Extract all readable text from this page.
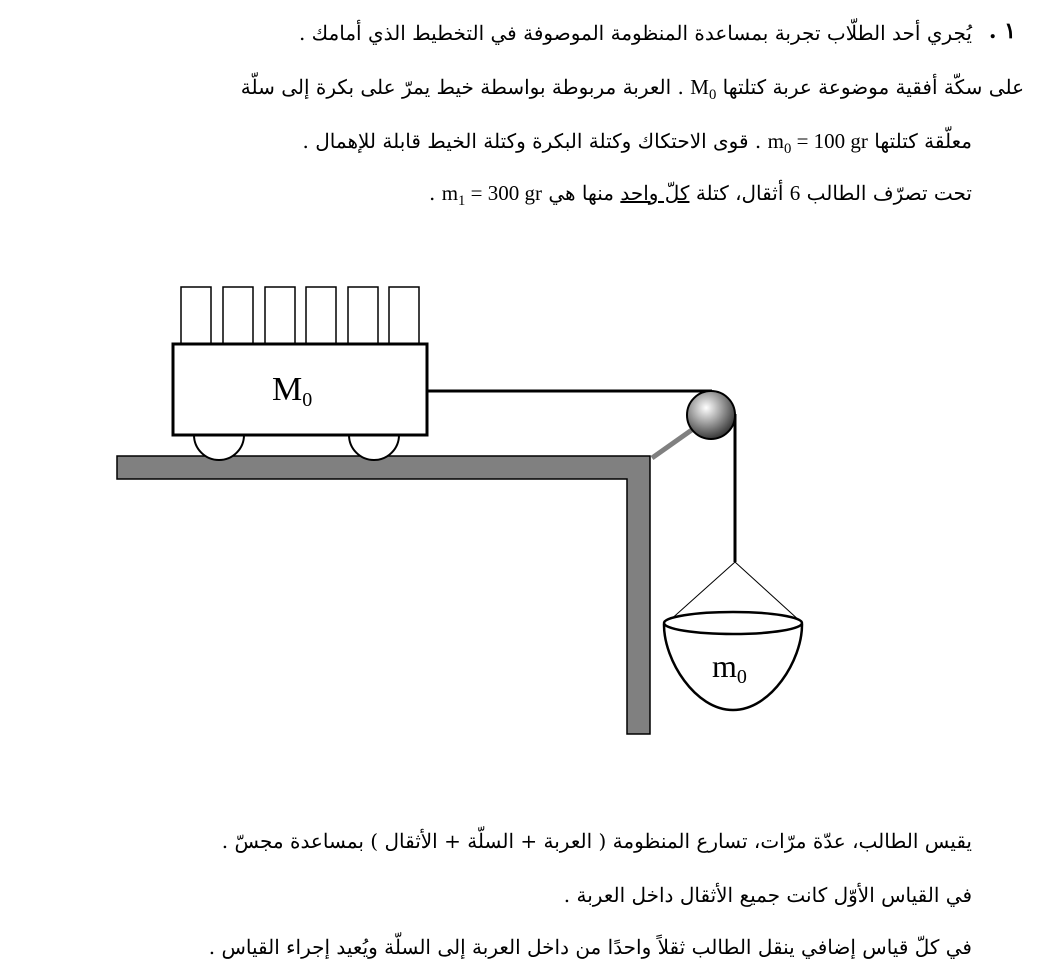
١ .
يُجري أحد الطلّاب تجربة بمساعدة المنظومة الموصوفة في التخطيط الذي أمامك .
على سكّة أفقية موضوعة عربة كتلتها $M_0$ . العربة مربوطة بواسطة خيط يمرّ على بكرة إلى سلّة
معلّقة كتلتها $m_0 = 100$ gr . قوى الاحتكاك وكتلة البكرة وكتلة الخيط قابلة للإهمال .
تحت تصرّف الطالب 6 أثقال، كتلة كلّ واحد منها هي $m_1 = 300$ gr .
M0
m0
يقيس الطالب، عدّة مرّات، تسارع المنظومة ( العربة + السلّة + الأثقال ) بمساعدة مجسّ .
في القياس الأوّل كانت جميع الأثقال داخل العربة .
في كلّ قياس إضافي ينقل الطالب ثقلاً واحدًا من داخل العربة إلى السلّة ويُعيد إجراء القياس .
